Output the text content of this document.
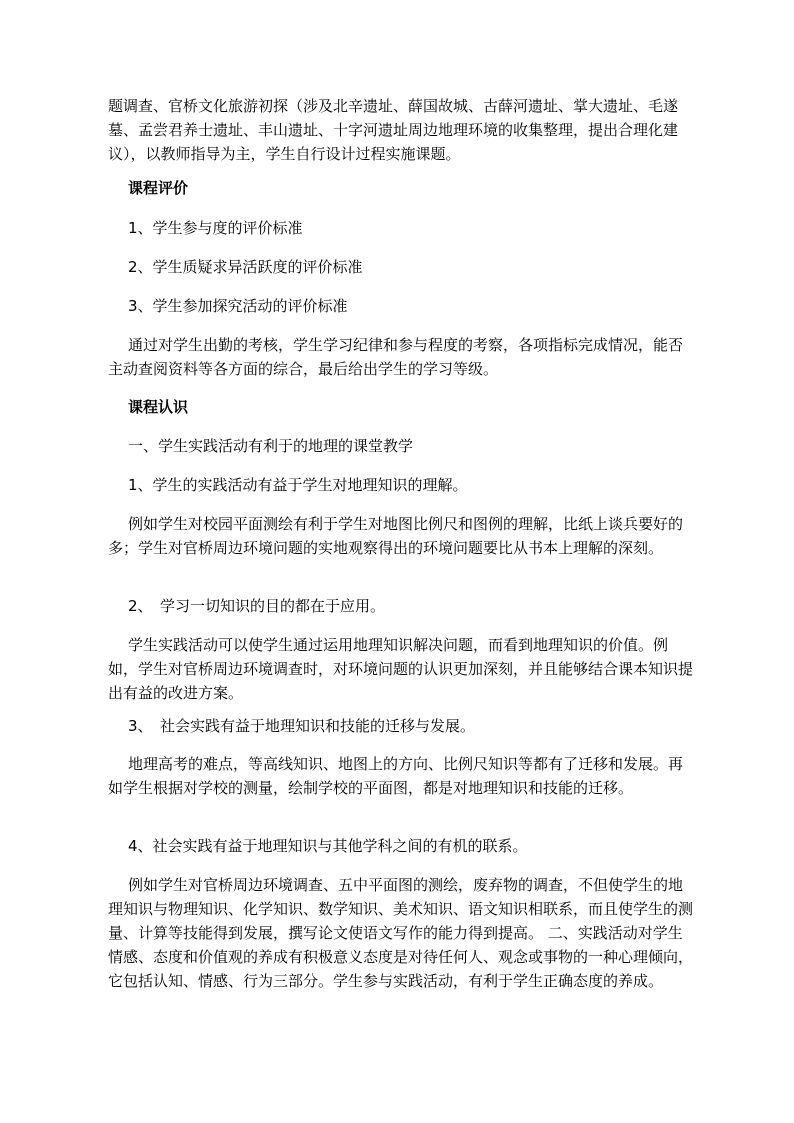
题调查、官桥文化旅游初探（涉及北辛遗址、薛国故城、古薛河遗址、掌大遗址、毛遂墓、孟尝君养士遗址、丰山遗址、十字河遗址周边地理环境的收集整理，提出合理化建议），以教师指导为主，学生自行设计过程实施课题。

课程评价

1、学生参与度的评价标准

2、学生质疑求异活跃度的评价标准

3、学生参加探究活动的评价标准

通过对学生出勤的考核，学生学习纪律和参与程度的考察，各项指标完成情况，能否主动查阅资料等各方面的综合，最后给出学生的学习等级。

课程认识

一、学生实践活动有利于的地理的课堂教学

1、学生的实践活动有益于学生对地理知识的理解。

例如学生对校园平面测绘有利于学生对地图比例尺和图例的理解，比纸上谈兵要好的多；学生对官桥周边环境问题的实地观察得出的环境问题要比从书本上理解的深刻。

2、　学习一切知识的目的都在于应用。

学生实践活动可以使学生通过运用地理知识解决问题，而看到地理知识的价值。例如，学生对官桥周边环境调查时，对环境问题的认识更加深刻，并且能够结合课本知识提出有益的改进方案。

3、　社会实践有益于地理知识和技能的迁移与发展。

地理高考的难点，等高线知识、地图上的方向、比例尺知识等都有了迁移和发展。再如学生根据对学校的测量，绘制学校的平面图，都是对地理知识和技能的迁移。

4、社会实践有益于地理知识与其他学科之间的有机的联系。

例如学生对官桥周边环境调查、五中平面图的测绘，废弃物的调查，不但使学生的地理知识与物理知识、化学知识、数学知识、美术知识、语文知识相联系，而且使学生的测量、计算等技能得到发展，撰写论文使语文写作的能力得到提高。 二、实践活动对学生情感、态度和价值观的养成有积极意义态度是对待任何人、观念或事物的一种心理倾向，它包括认知、情感、行为三部分。学生参与实践活动，有利于学生正确态度的养成。
